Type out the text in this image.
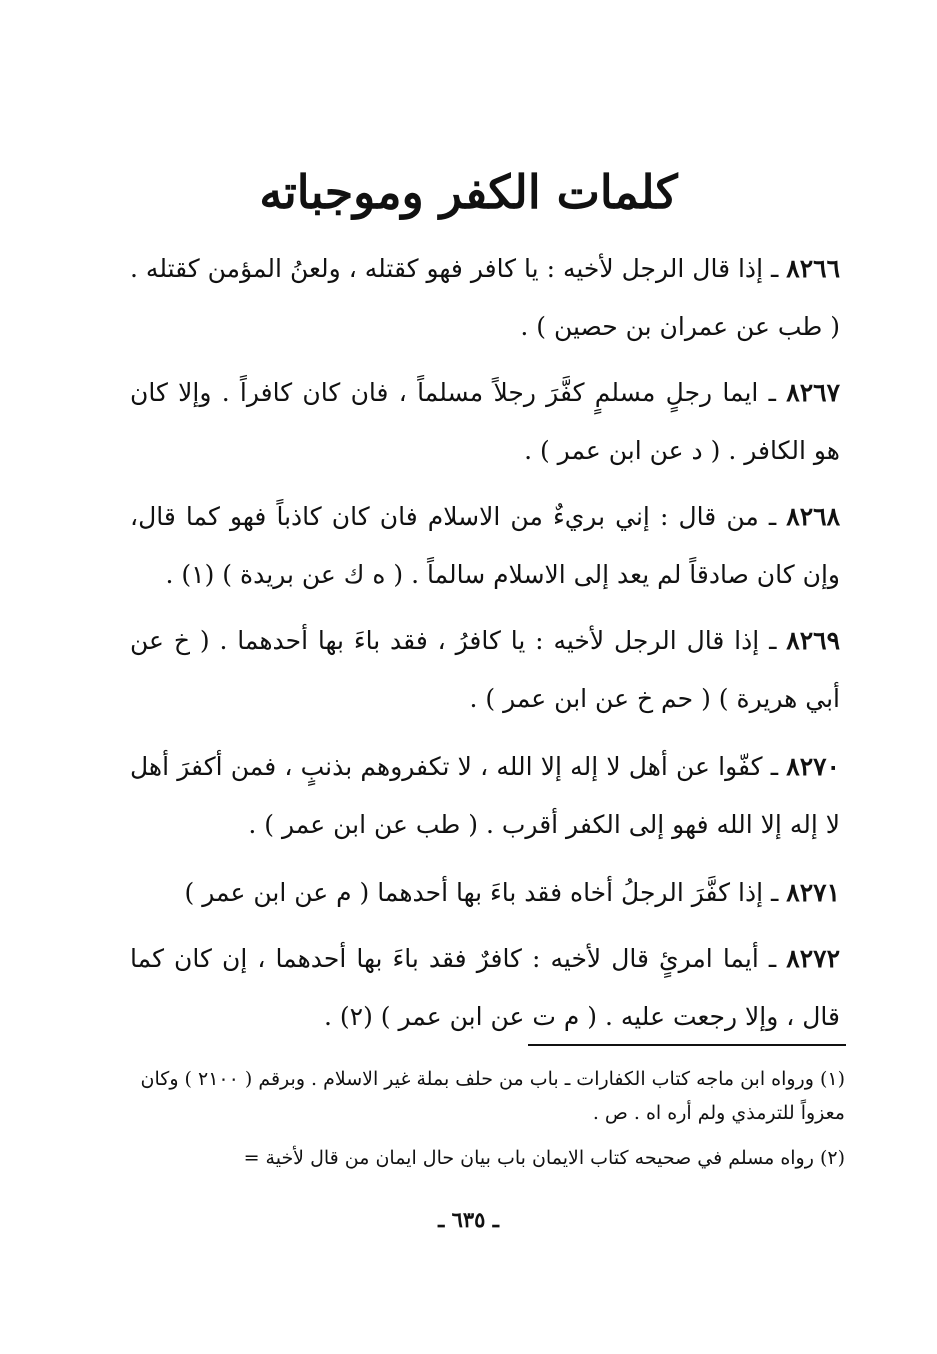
كلمات الكفر وموجباته
٨٢٦٦ ـ إذا قال الرجل لأخيه : يا كافر فهو كقتله ، ولعنُ المؤمن كقتله . ( طب عن عمران بن حصين ) .
٨٢٦٧ ـ ايما رجلٍ مسلمٍ كفَّرَ رجلاً مسلماً ، فان كان كافراً . وإلا كان هو الكافر . ( د عن ابن عمر ) .
٨٢٦٨ ـ من قال : إني بريءٌ من الاسلام فان كان كاذباً فهو كما قال، وإن كان صادقاً لم يعد إلى الاسلام سالماً . ( ه ك عن بريدة ) (١) .
٨٢٦٩ ـ إذا قال الرجل لأخيه : يا كافرُ ، فقد باءَ بها أحدهما . ( خ عن أبي هريرة ) ( حم خ عن ابن عمر ) .
٨٢٧٠ ـ كفّوا عن أهل لا إله إلا الله ، لا تكفروهم بذنبٍ ، فمن أكفرَ أهل لا إله إلا الله فهو إلى الكفر أقرب . ( طب عن ابن عمر ) .
٨٢٧١ ـ إذا كفَّرَ الرجلُ أخاه فقد باءَ بها أحدهما ( م عن ابن عمر )
٨٢٧٢ ـ أيما امرئٍ قال لأخيه : كافرٌ فقد باءَ بها أحدهما ، إن كان كما قال ، وإلا رجعت عليه . ( م ت عن ابن عمر ) (٢) .
(١) ورواه ابن ماجه كتاب الكفارات ـ باب من حلف بملة غير الاسلام . وبرقم ( ٢١٠٠ ) وكان معزواً للترمذي ولم أره اه . ص .
(٢) رواه مسلم في صحيحه كتاب الايمان باب بيان حال ايمان من قال لأخية =
ـ ٦٣٥ ـ
